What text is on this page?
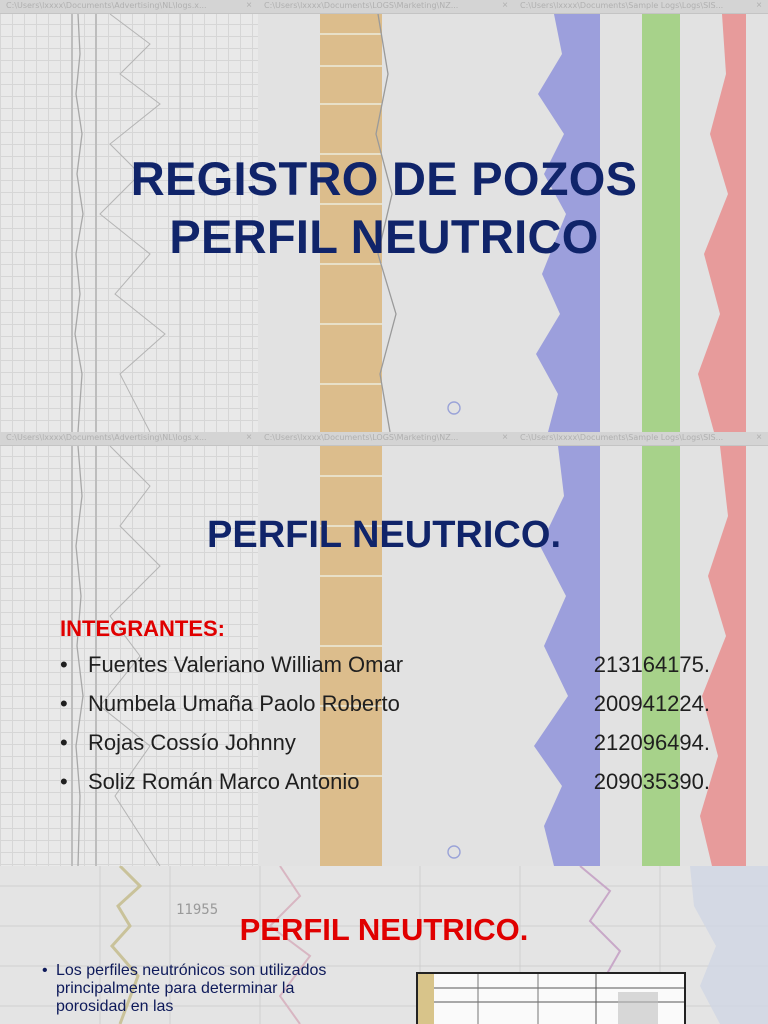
C:\Users\lxxxx\Documents\Advertising\NL\logs.x...	× C:\Users\lxxxx\Documents\LOGS\Marketing\NZ...	× C:\Users\lxxxx\Documents\Sample Logs\Logs\SIS...	×
REGISTRO DE POZOS
PERFIL NEUTRICO
C:\Users\lxxxx\Documents\Advertising\NL\logs.x...	× C:\Users\lxxxx\Documents\LOGS\Marketing\NZ...	× C:\Users\lxxxx\Documents\Sample Logs\Logs\SIS...	×
PERFIL NEUTRICO.
INTEGRANTES:
• Fuentes Valeriano William Omar	213164175.
• Numbela Umaña Paolo Roberto	200941224.
• Rojas Cossío Johnny	212096494.
• Soliz Román Marco Antonio	209035390.
11955
PERFIL NEUTRICO.
• Los perfiles neutrónicos son utilizados principalmente para determinar la porosidad en las
